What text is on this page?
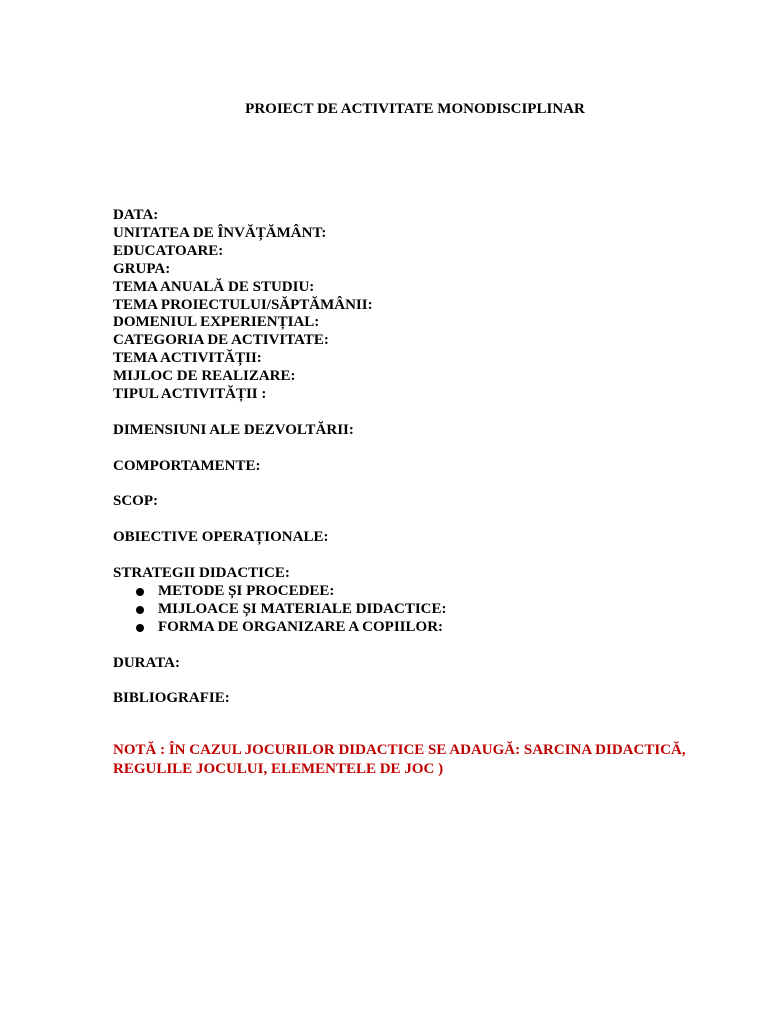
PROIECT DE ACTIVITATE MONODISCIPLINAR
DATA:
UNITATEA DE ÎNVĂȚĂMÂNT:
EDUCATOARE:
GRUPA:
TEMA ANUALĂ DE STUDIU:
TEMA PROIECTULUI/SĂPTĂMÂNII:
DOMENIUL EXPERIENȚIAL:
CATEGORIA DE ACTIVITATE:
TEMA ACTIVITĂȚII:
MIJLOC DE REALIZARE:
TIPUL ACTIVITĂȚII :
DIMENSIUNI ALE DEZVOLTĂRII:
COMPORTAMENTE:
SCOP:
OBIECTIVE OPERAȚIONALE:
STRATEGII DIDACTICE:
METODE ȘI PROCEDEE:
MIJLOACE ȘI MATERIALE DIDACTICE:
FORMA DE ORGANIZARE A COPIILOR:
DURATA:
BIBLIOGRAFIE:
NOTĂ : ÎN CAZUL JOCURILOR DIDACTICE SE ADAUGĂ: SARCINA DIDACTICĂ,
REGULILE JOCULUI, ELEMENTELE DE JOC )
